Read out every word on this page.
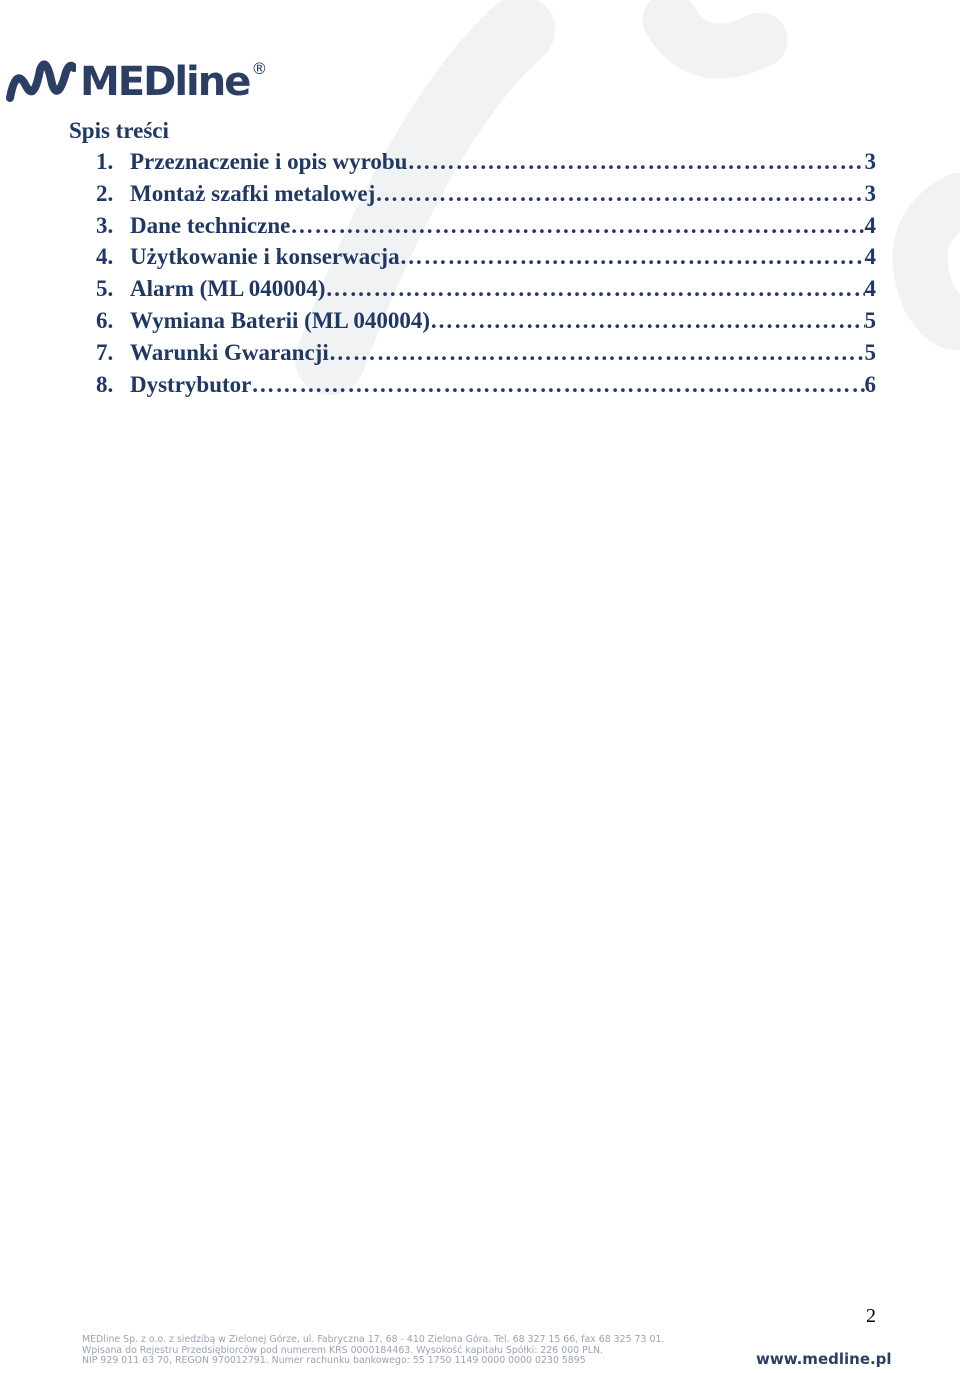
MEDline ®
Spis treści
1. Przeznaczenie i opis wyrobu ……………………………………………………………………………………………………………………………………	3
2. Montaż szafki metalowej ……………………………………………………………………………………………………………………………………	3
3. Dane techniczne ……………………………………………………………………………………………………………………………………	4
4. Użytkowanie i konserwacja ……………………………………………………………………………………………………………………………………	4
5. Alarm (ML 040004) ……………………………………………………………………………………………………………………………………	4
6. Wymiana Baterii (ML 040004) ……………………………………………………………………………………………………………………………………	5
7. Warunki Gwarancji ……………………………………………………………………………………………………………………………………	5
8. Dystrybutor ……………………………………………………………………………………………………………………………………	6
2
MEDline Sp. z o.o. z siedzibą w Zielonej Górze, ul. Fabryczna 17, 68 - 410 Zielona Góra. Tel. 68 327 15 66, fax 68 325 73 01.
Wpisana do Rejestru Przedsiębiorców pod numerem KRS 0000184463. Wysokość kapitału Spółki: 226 000 PLN.
NIP 929 011 63 70, REGON 970012791. Numer rachunku bankowego: 55 1750 1149 0000 0000 0230 5895	www.medline.pl
